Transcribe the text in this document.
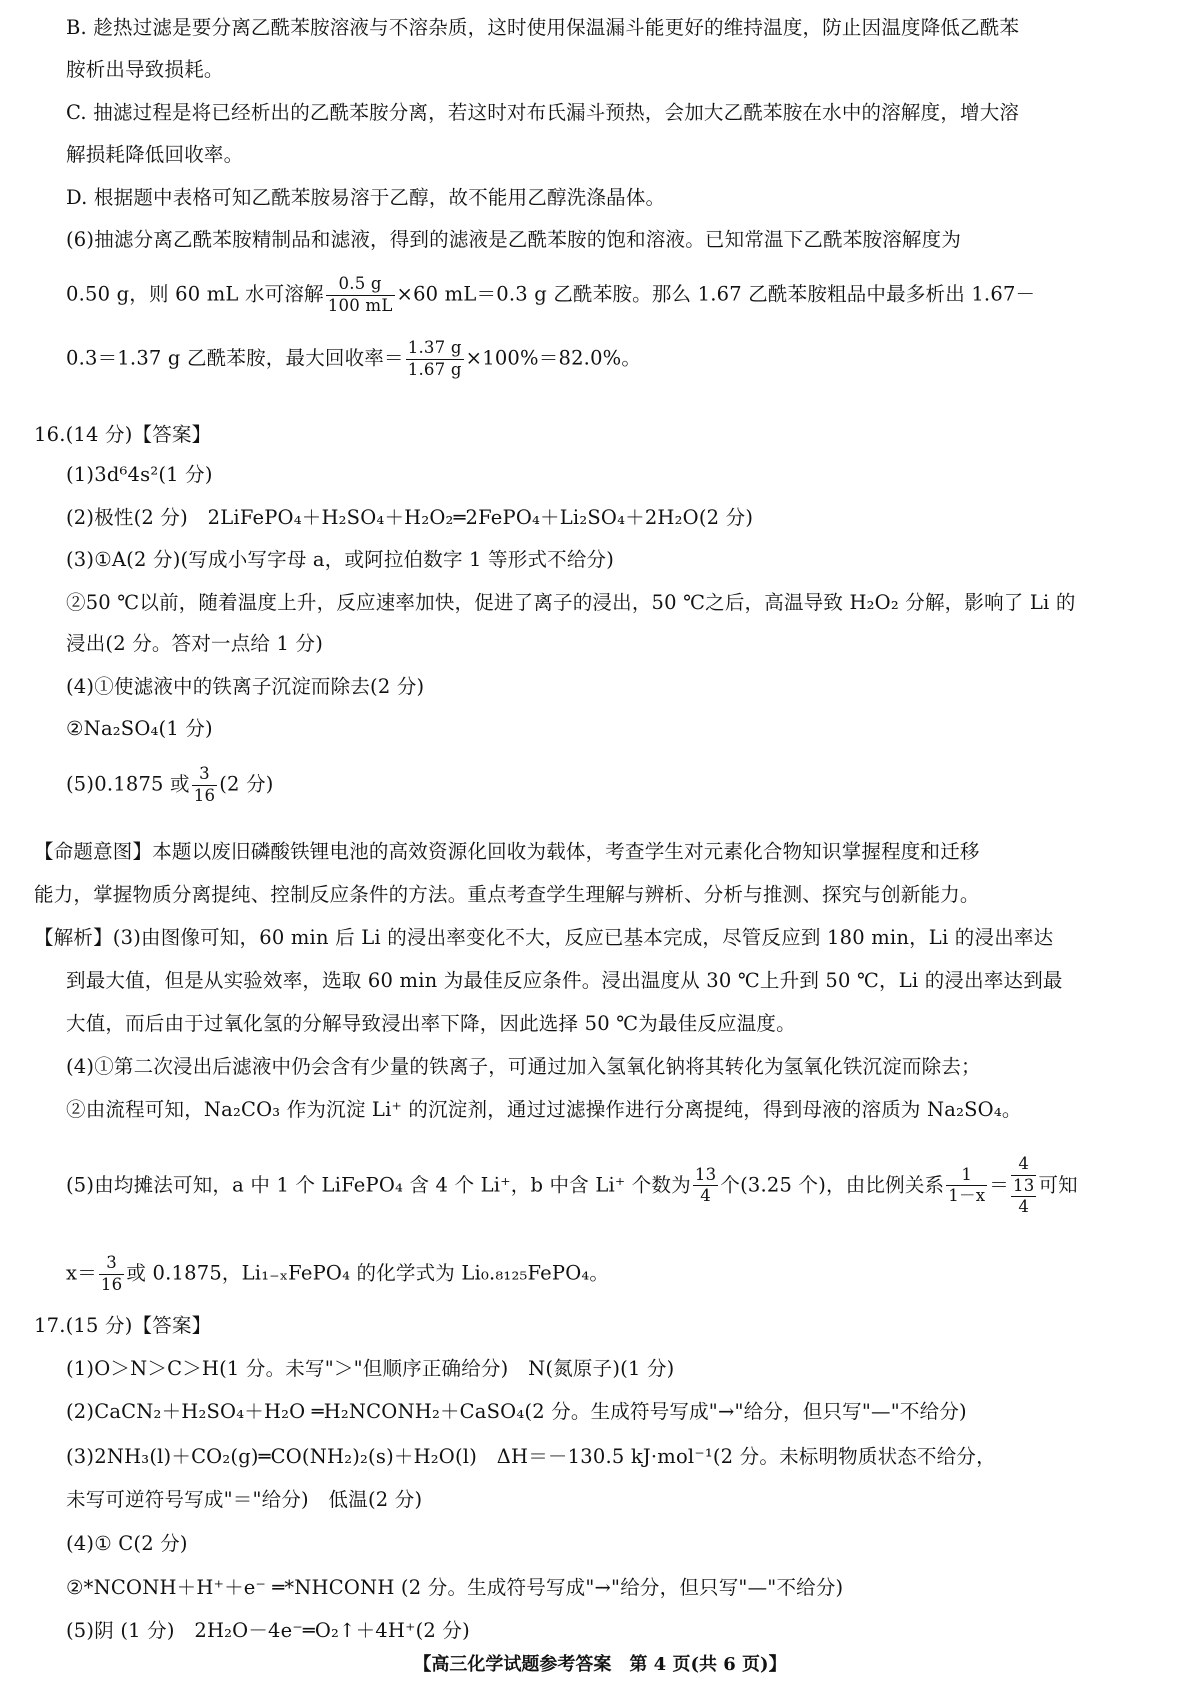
B. 趁热过滤是要分离乙酰苯胺溶液与不溶杂质，这时使用保温漏斗能更好的维持温度，防止因温度降低乙酰苯
胺析出导致损耗。
C. 抽滤过程是将已经析出的乙酰苯胺分离，若这时对布氏漏斗预热，会加大乙酰苯胺在水中的溶解度，增大溶
解损耗降低回收率。
D. 根据题中表格可知乙酰苯胺易溶于乙醇，故不能用乙醇洗涤晶体。
(6)抽滤分离乙酰苯胺精制品和滤液，得到的滤液是乙酰苯胺的饱和溶液。已知常温下乙酰苯胺溶解度为
0.50 g，则 60 mL 水可溶解 $\frac{0.5 g}{100 mL} \times 60$ mL＝0.3 g 乙酰苯胺。那么 1.67 乙酰苯胺粗品中最多析出 1.67－
0.3＝1.37 g 乙酰苯胺，最大回收率＝ $\frac{1.37 g}{1.67 g} \times 100\%=82.0\%$。
16.(14 分)【答案】
(1)3d⁶4s²(1 分)
(2)极性(2 分)　2LiFePO₄＋H₂SO₄＋H₂O₂═2FePO₄＋Li₂SO₄＋2H₂O(2 分)
(3)①A(2 分)(写成小写字母 a，或阿拉伯数字 1 等形式不给分)
②50 ℃以前，随着温度上升，反应速率加快，促进了离子的浸出，50 ℃之后，高温导致 H₂O₂ 分解，影响了 Li 的
浸出(2 分。答对一点给 1 分)
(4)①使滤液中的铁离子沉淀而除去(2 分)
②Na₂SO₄(1 分)
(5)0.1875 或 $\frac{3}{16} (2$ 分)
【命题意图】本题以废旧磷酸铁锂电池的高效资源化回收为载体，考查学生对元素化合物知识掌握程度和迁移
能力，掌握物质分离提纯、控制反应条件的方法。重点考查学生理解与辨析、分析与推测、探究与创新能力。
【解析】(3)由图像可知，60 min 后 Li 的浸出率变化不大，反应已基本完成，尽管反应到 180 min，Li 的浸出率达
到最大值，但是从实验效率，选取 60 min 为最佳反应条件。浸出温度从 30 ℃上升到 50 ℃，Li 的浸出率达到最
大值，而后由于过氧化氢的分解导致浸出率下降，因此选择 50 ℃为最佳反应温度。
(4)①第二次浸出后滤液中仍会含有少量的铁离子，可通过加入氢氧化钠将其转化为氢氧化铁沉淀而除去；
②由流程可知，Na₂CO₃ 作为沉淀 Li⁺ 的沉淀剂，通过过滤操作进行分离提纯，得到母液的溶质为 Na₂SO₄。
(5)由均摊法可知，a 中 1 个 LiFePO₄ 含 4 个 Li⁺，b 中含 Li⁺ 个数为 $\frac{13}{4}$ 个(3.25 个)，由比例关系 $\frac{1}{1-x}$ ＝
4
13
4
可知
$x= \frac{3}{16}$ 或 0.1875，Li₁₋ₓFePO₄ 的化学式为 Li₀.₈₁₂₅FePO₄。
17.(15 分)【答案】
(1)O＞N＞C＞H(1 分。未写"＞"但顺序正确给分)　N(氮原子)(1 分)
(2)CaCN₂＋H₂SO₄＋H₂O ═H₂NCONH₂＋CaSO₄(2 分。生成符号写成"→"给分，但只写"—"不给分)
(3)2NH₃(l)＋CO₂(g)═CO(NH₂)₂(s)＋H₂O(l)　ΔH＝－130.5 kJ·mol⁻¹(2 分。未标明物质状态不给分，
未写可逆符号写成"＝"给分)　低温(2 分)
(4)① C(2 分)
②*NCONH＋H⁺＋e⁻ ═*NHCONH (2 分。生成符号写成"→"给分，但只写"—"不给分)
(5)阴 (1 分)　2H₂O－4e⁻═O₂↑＋4H⁺(2 分)
【高三化学试题参考答案　第 4 页(共 6 页)】
